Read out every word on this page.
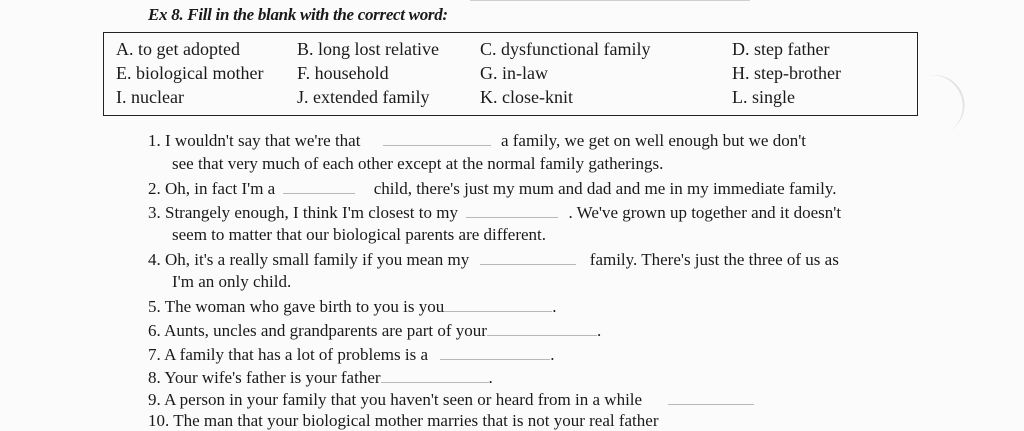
Ex 8. Fill in the blank with the correct word:
A. to get adopted	B. long lost relative C. dysfunctional family	D. step father
E. biological mother F. household	G. in-law	H. step-brother
I. nuclear	J. extended family	K. close-knit	L. single
1. I wouldn't say that we're that	a family, we get on well enough but we don't
see that very much of each other except at the normal family gatherings.
2. Oh, in fact I'm a	child, there's just my mum and dad and me in my immediate family.
3. Strangely enough, I think I'm closest to my	. We've grown up together and it doesn't
seem to matter that our biological parents are different.
4. Oh, it's a really small family if you mean my	family. There's just the three of us as
I'm an only child.
5. The woman who gave birth to you is you	.
6. Aunts, uncles and grandparents are part of your	.
7. A family that has a lot of problems is a	.
8. Your wife's father is your father	.
9. A person in your family that you haven't seen or heard from in a while
10. The man that your biological mother marries that is not your real father
